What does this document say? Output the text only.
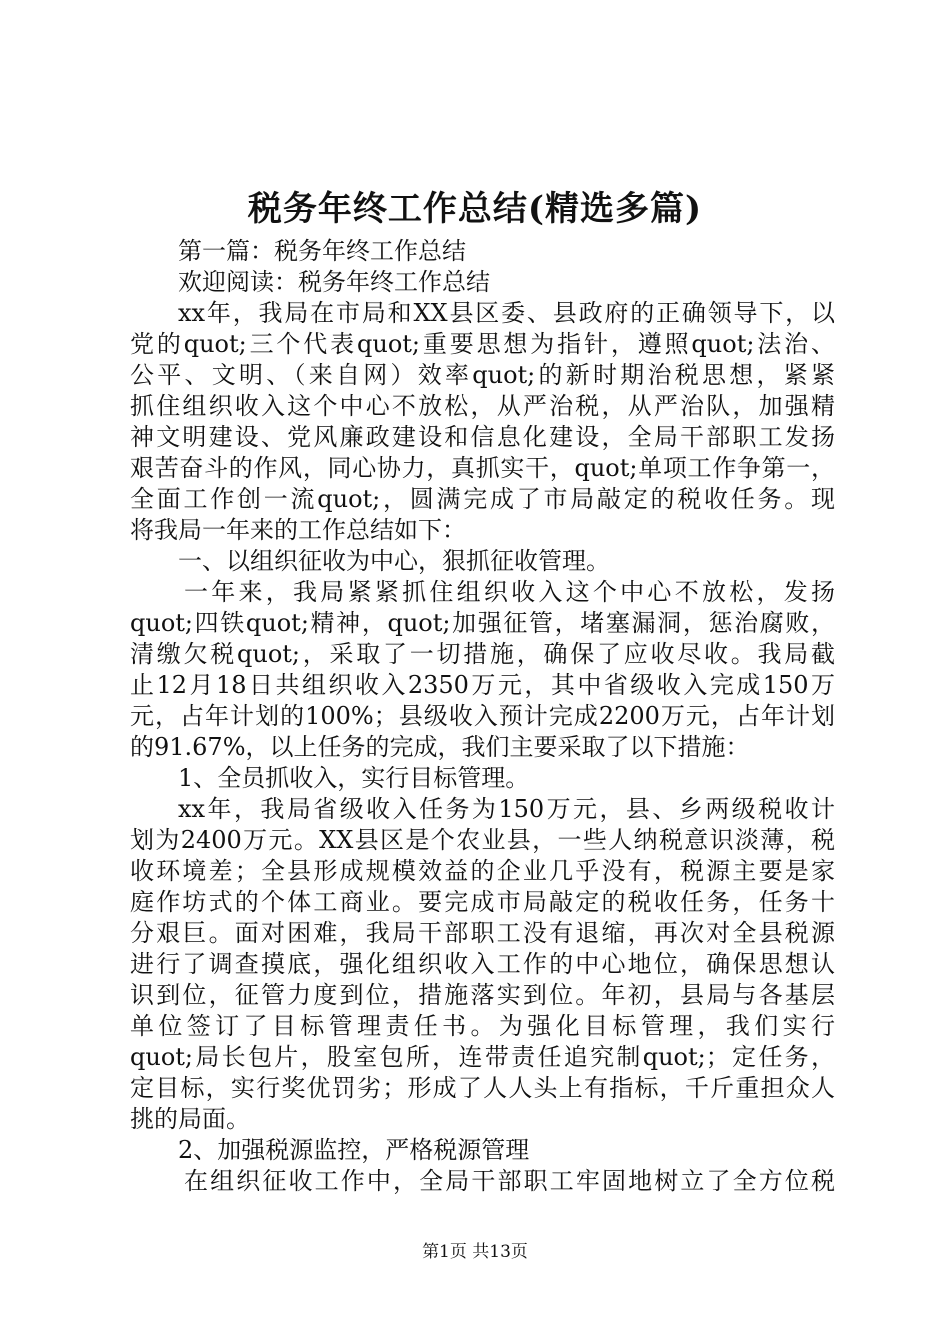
税务年终工作总结(精选多篇)
第一篇：税务年终工作总结
欢迎阅读：税务年终工作总结
xx年，我局在市局和XX县区委、县政府的正确领导下，以
党的quot;三个代表quot;重要思想为指针，遵照quot;法治、
公平、文明、（来自网）效率quot;的新时期治税思想，紧紧
抓住组织收入这个中心不放松，从严治税，从严治队，加强精
神文明建设、党风廉政建设和信息化建设，全局干部职工发扬
艰苦奋斗的作风，同心协力，真抓实干，quot;单项工作争第一，
全面工作创一流quot;，圆满完成了市局敲定的税收任务。现
将我局一年来的工作总结如下：
一、以组织征收为中心，狠抓征收管理。
一年来，我局紧紧抓住组织收入这个中心不放松，发扬
quot;四铁quot;精神，quot;加强征管，堵塞漏洞，惩治腐败，
清缴欠税quot;，采取了一切措施，确保了应收尽收。我局截
止12月18日共组织收入2350万元，其中省级收入完成150万
元，占年计划的100%；县级收入预计完成2200万元，占年计划
的91.67%，以上任务的完成，我们主要采取了以下措施：
1、全员抓收入，实行目标管理。
xx年，我局省级收入任务为150万元，县、乡两级税收计
划为2400万元。XX县区是个农业县，一些人纳税意识淡薄，税
收环境差；全县形成规模效益的企业几乎没有，税源主要是家
庭作坊式的个体工商业。要完成市局敲定的税收任务，任务十
分艰巨。面对困难，我局干部职工没有退缩，再次对全县税源
进行了调查摸底，强化组织收入工作的中心地位，确保思想认
识到位，征管力度到位，措施落实到位。年初，县局与各基层
单位签订了目标管理责任书。为强化目标管理，我们实行
quot;局长包片，股室包所，连带责任追究制quot;；定任务，
定目标，实行奖优罚劣；形成了人人头上有指标，千斤重担众人
挑的局面。
2、加强税源监控，严格税源管理
在组织征收工作中，全局干部职工牢固地树立了全方位税
第1页 共13页
